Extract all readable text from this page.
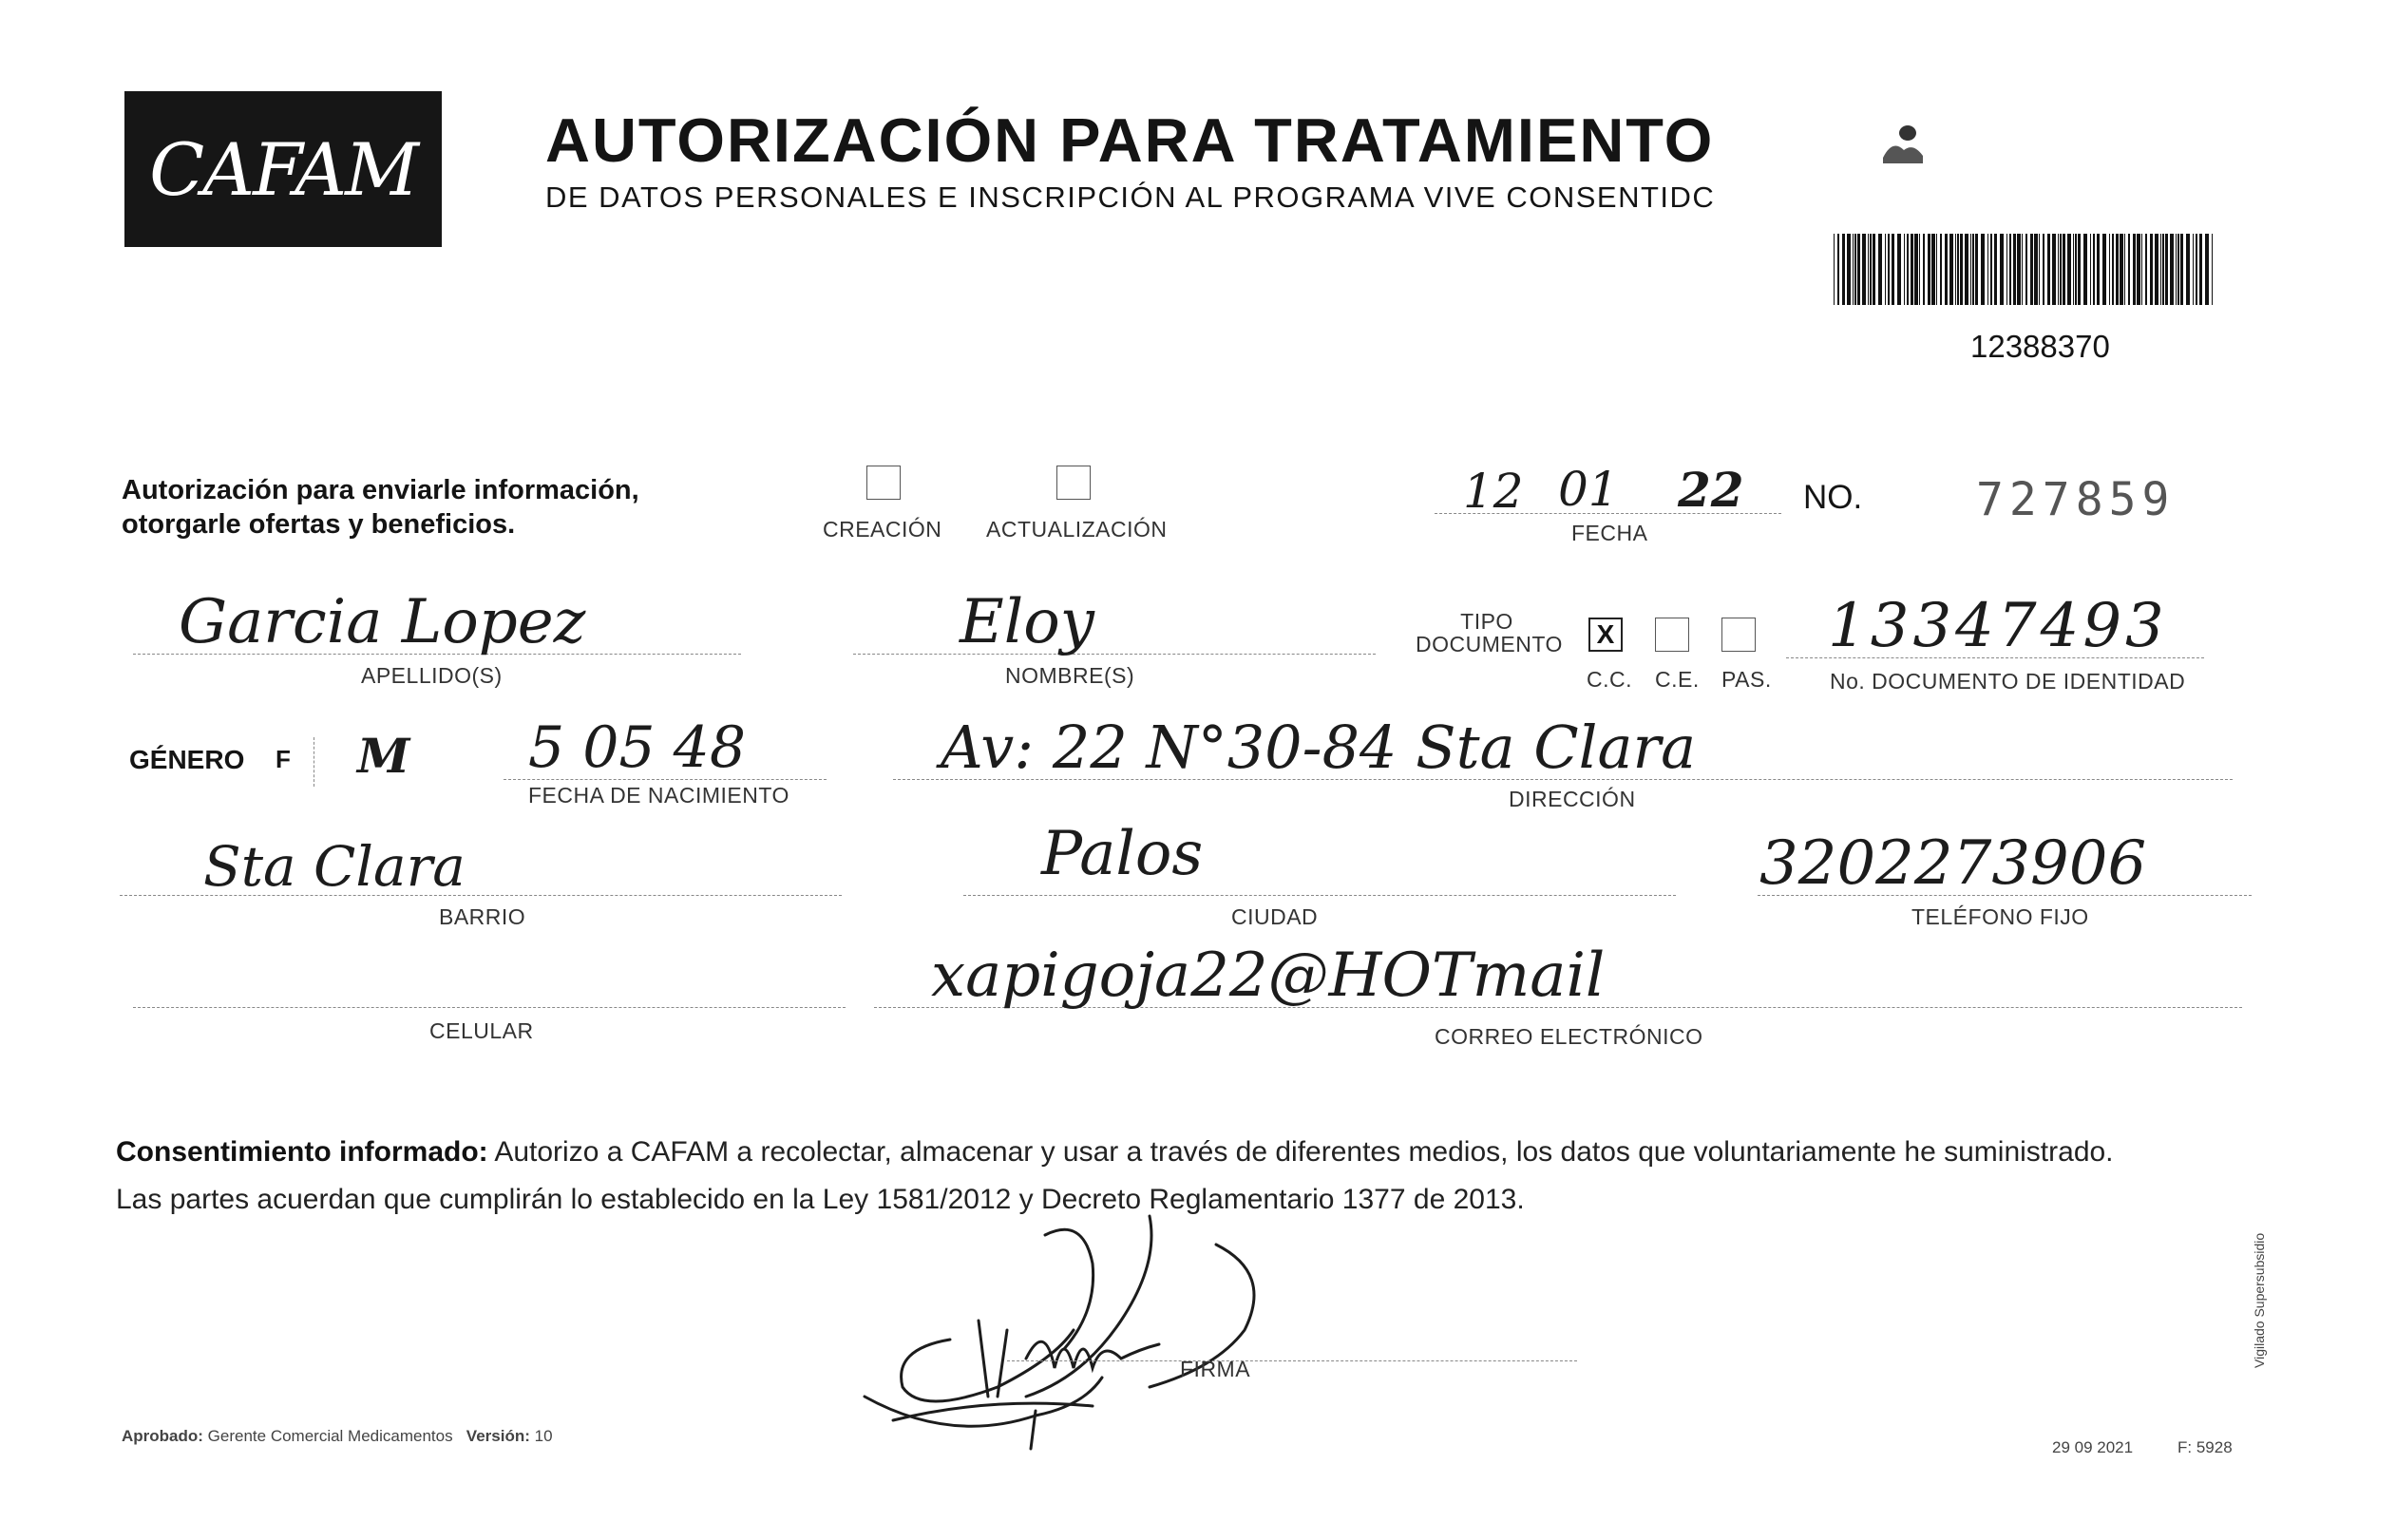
CAFAM	AUTORIZACIÓN PARA TRATAMIENTO
DE DATOS PERSONALES E INSCRIPCIÓN AL PROGRAMA VIVE CONSENTIDC
12388370
Autorización para enviarle información,
otorgarle ofertas y beneficios.	CREACIÓN ACTUALIZACIÓN
12 01 22
FECHA
NO. 727859
Garcia Lopez
APELLIDO(S)
Eloy
NOMBRE(S)
TIPO DOCUMENTO	X
C.C. C.E. PAS.
13347493
No. DOCUMENTO DE IDENTIDAD
GÉNERO F M 5 05 48
FECHA DE NACIMIENTO
Av: 22 N°30-84 Sta Clara
DIRECCIÓN
Sta Clara
BARRIO
Palos
CIUDAD
3202273906
TELÉFONO FIJO
CELULAR
xapigoja22@HOTmail
CORREO ELECTRÓNICO
Consentimiento informado: Autorizo a CAFAM a recolectar, almacenar y usar a través de diferentes medios, los datos que voluntariamente he suministrado.
Las partes acuerdan que cumplirán lo establecido en la Ley 1581/2012 y Decreto Reglamentario 1377 de 2013.
FIRMA
Aprobado: Gerente Comercial Medicamentos Versión: 10
29 09 2021	F: 5928
Vigilado Supersubsidio
